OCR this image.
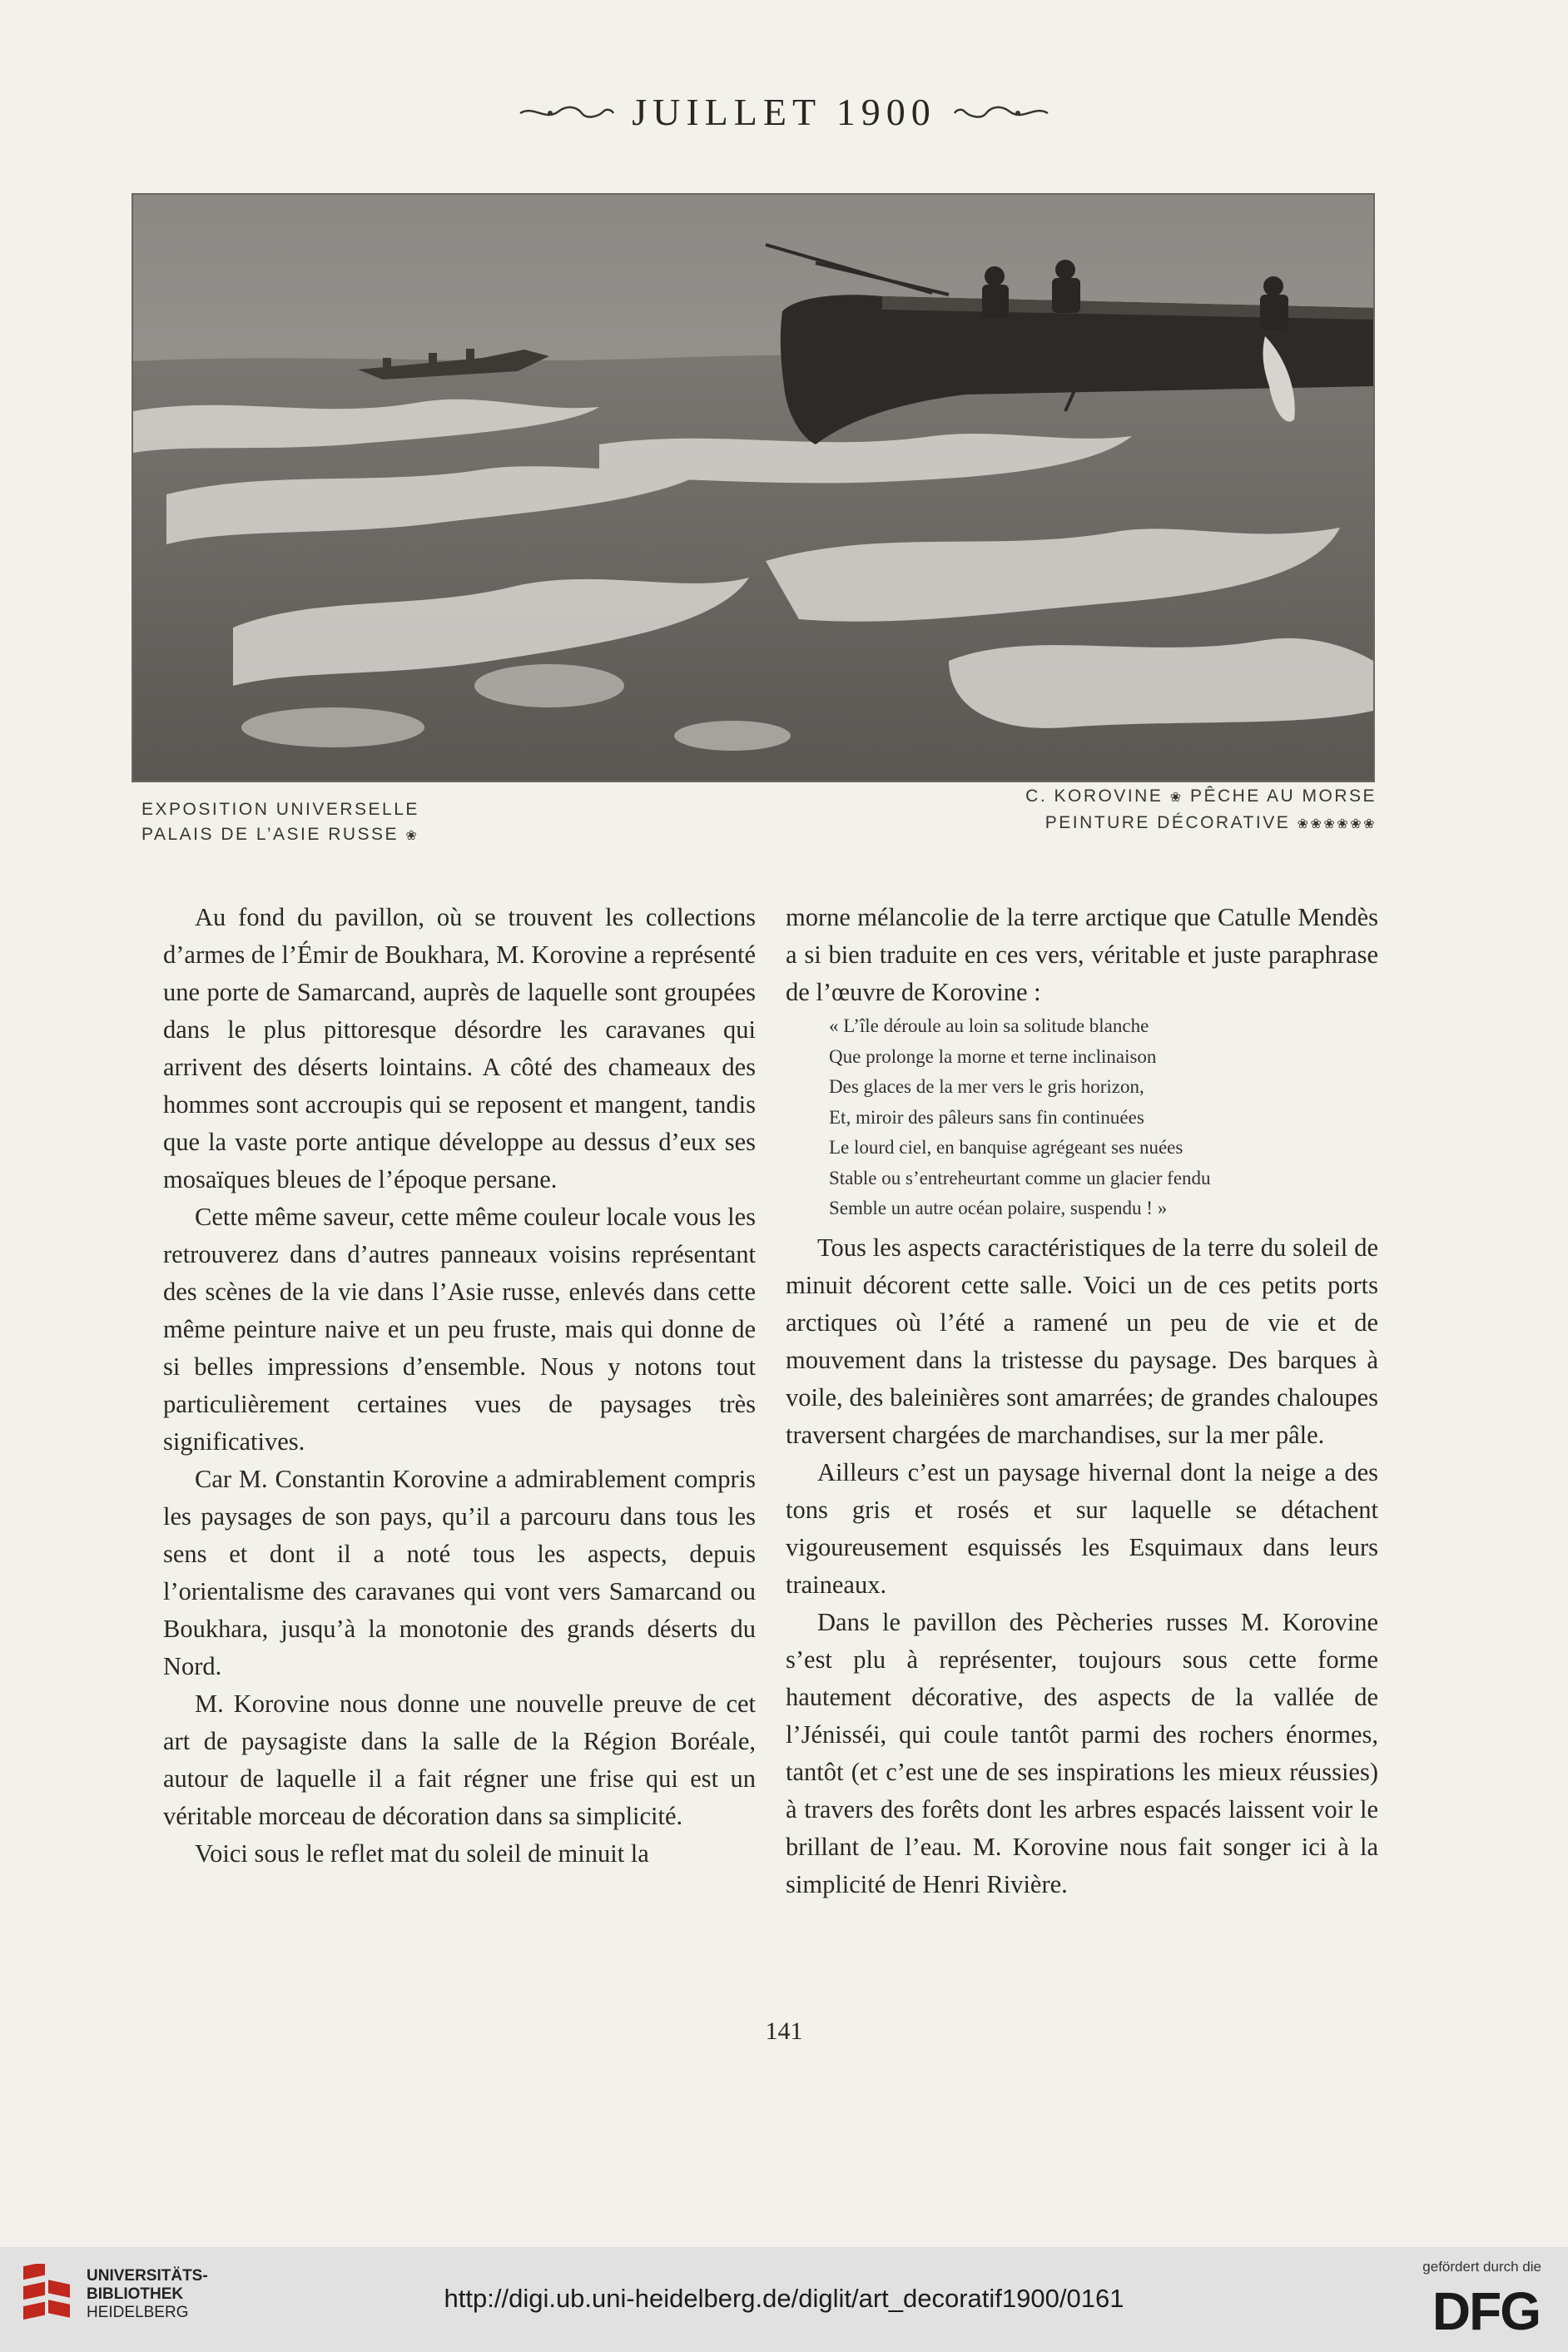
JUILLET 1900
EXPOSITION UNIVERSELLE
PALAIS DE L’ASIE RUSSE ❀
C. KOROVINE ❀ PÊCHE AU MORSE
PEINTURE DÉCORATIVE ❀❀❀❀❀❀

Au fond du pavillon, où se trouvent les collections d’armes de l’Émir de Boukhara, M. Korovine a représenté une porte de Samarcand, auprès de laquelle sont groupées dans le plus pittoresque désordre les caravanes qui arrivent des déserts lointains. A côté des chameaux des hommes sont accroupis qui se reposent et mangent, tandis que la vaste porte antique développe au dessus d’eux ses mosaïques bleues de l’époque persane.

Cette même saveur, cette même couleur locale vous les retrouverez dans d’autres panneaux voisins représentant des scènes de la vie dans l’Asie russe, enlevés dans cette même peinture naive et un peu fruste, mais qui donne de si belles impressions d’ensemble. Nous y notons tout particulièrement certaines vues de paysages très significatives.

Car M. Constantin Korovine a admirablement compris les paysages de son pays, qu’il a parcouru dans tous les sens et dont il a noté tous les aspects, depuis l’orientalisme des caravanes qui vont vers Samarcand ou Boukhara, jusqu’à la monotonie des grands déserts du Nord.

M. Korovine nous donne une nouvelle preuve de cet art de paysagiste dans la salle de la Région Boréale, autour de laquelle il a fait régner une frise qui est un véritable morceau de décoration dans sa simplicité.

Voici sous le reflet mat du soleil de minuit la

morne mélancolie de la terre arctique que Catulle Mendès a si bien traduite en ces vers, véritable et juste paraphrase de l’œuvre de Korovine :

« L’île déroule au loin sa solitude blanche
Que prolonge la morne et terne inclinaison
Des glaces de la mer vers le gris horizon,
Et, miroir des pâleurs sans fin continuées
Le lourd ciel, en banquise agrégeant ses nuées
Stable ou s’entreheurtant comme un glacier fendu
Semble un autre océan polaire, suspendu ! »

Tous les aspects caractéristiques de la terre du soleil de minuit décorent cette salle. Voici un de ces petits ports arctiques où l’été a ramené un peu de vie et de mouvement dans la tristesse du paysage. Des barques à voile, des baleinières sont amarrées; de grandes chaloupes traversent chargées de marchandises, sur la mer pâle.

Ailleurs c’est un paysage hivernal dont la neige a des tons gris et rosés et sur laquelle se détachent vigoureusement esquissés les Esquimaux dans leurs traineaux.

Dans le pavillon des Pècheries russes M. Korovine s’est plu à représenter, toujours sous cette forme hautement décorative, des aspects de la vallée de l’Jénisséi, qui coule tantôt parmi des rochers énormes, tantôt (et c’est une de ses inspirations les mieux réussies) à travers des forêts dont les arbres espacés laissent voir le brillant de l’eau. M. Korovine nous fait songer ici à la simplicité de Henri Rivière.

141
UNIVERSITÄTS-
BIBLIOTHEK
HEIDELBERG	http://digi.ub.uni-heidelberg.de/diglit/art_decoratif1900/0161
gefördert durch die
DFG
